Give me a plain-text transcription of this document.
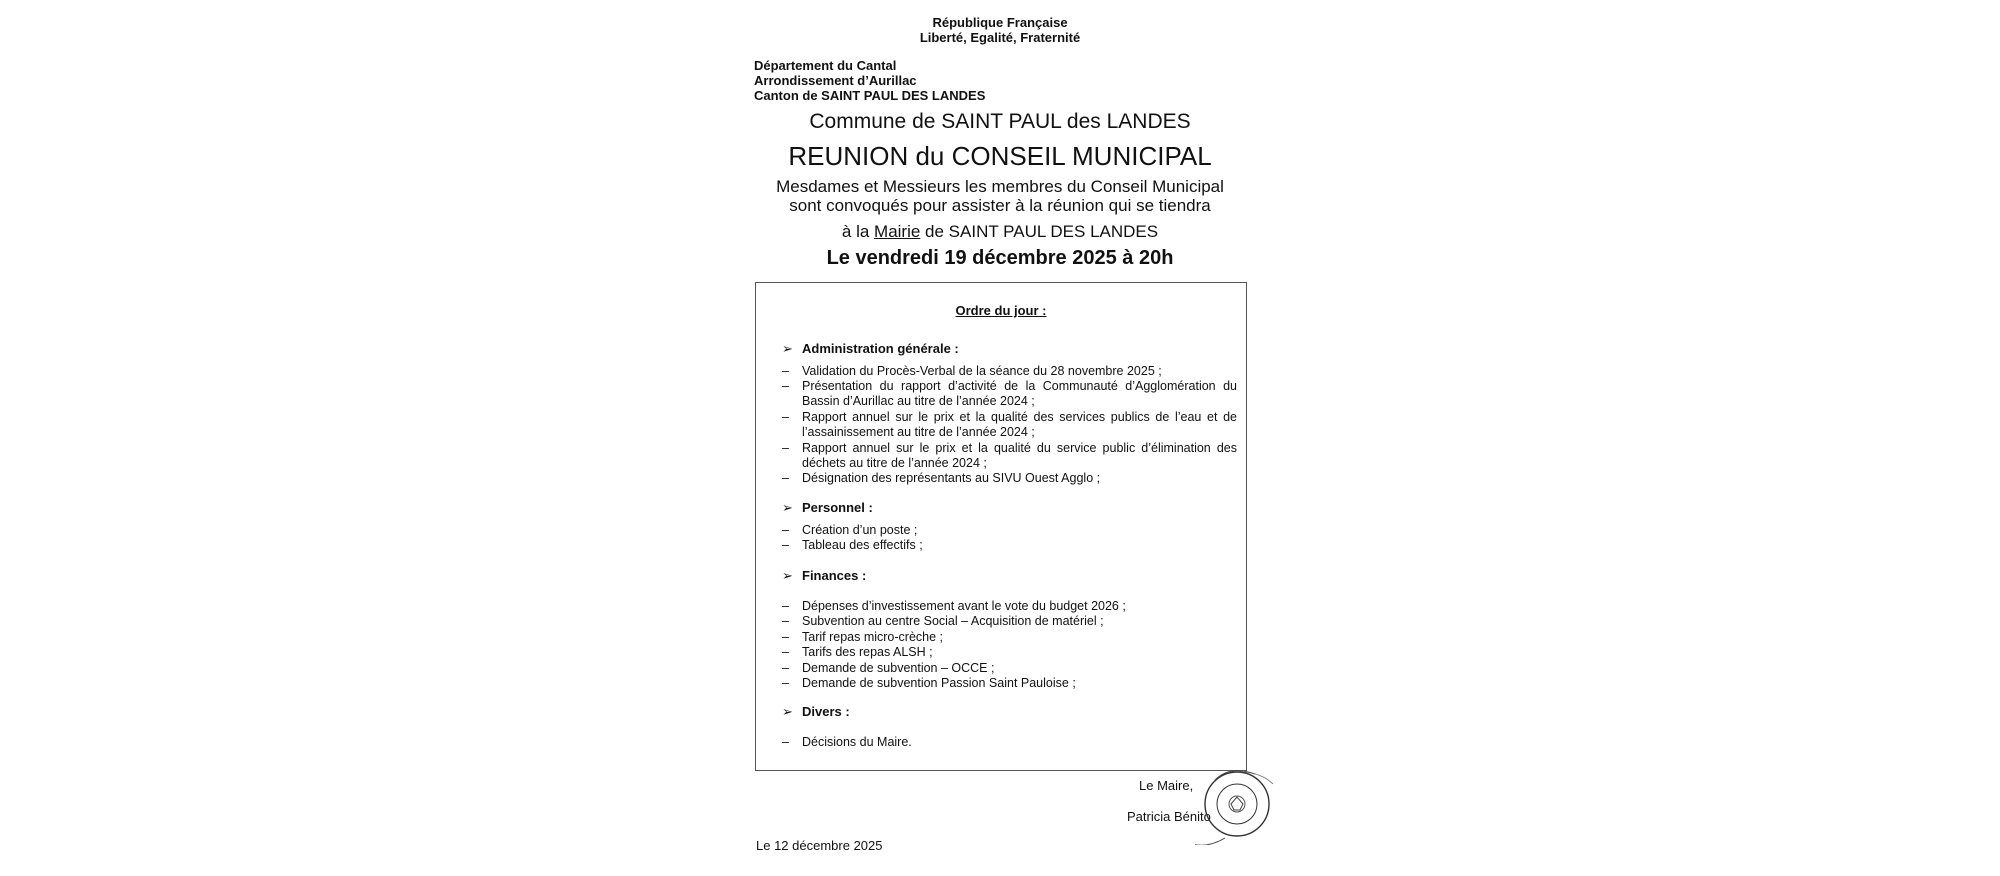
République Française
Liberté, Egalité, Fraternité
Département du Cantal
Arrondissement d’Aurillac
Canton de SAINT PAUL DES LANDES
Commune de SAINT PAUL des LANDES
REUNION du CONSEIL MUNICIPAL
Mesdames et Messieurs les membres du Conseil Municipal
sont convoqués pour assister à la réunion qui se tiendra
à la Mairie de SAINT PAUL DES LANDES
Le vendredi 19 décembre 2025 à 20h
Ordre du jour :
➢ Administration générale :
– Validation du Procès-Verbal de la séance du 28 novembre 2025 ;
– Présentation du rapport d’activité de la Communauté d’Agglomération du Bassin d’Aurillac au titre de l’année 2024 ;
– Rapport annuel sur le prix et la qualité des services publics de l’eau et de l’assainissement au titre de l’année 2024 ;
– Rapport annuel sur le prix et la qualité du service public d’élimination des déchets au titre de l’année 2024 ;
– Désignation des représentants au SIVU Ouest Agglo ;
➢ Personnel :
– Création d’un poste ;
– Tableau des effectifs ;
➢ Finances :
– Dépenses d’investissement avant le vote du budget 2026 ;
– Subvention au centre Social – Acquisition de matériel ;
– Tarif repas micro-crèche ;
– Tarifs des repas ALSH ;
– Demande de subvention – OCCE ;
– Demande de subvention Passion Saint Pauloise ;
➢ Divers :
– Décisions du Maire.
Le Maire,
Patricia Bénito
Le 12 décembre 2025
